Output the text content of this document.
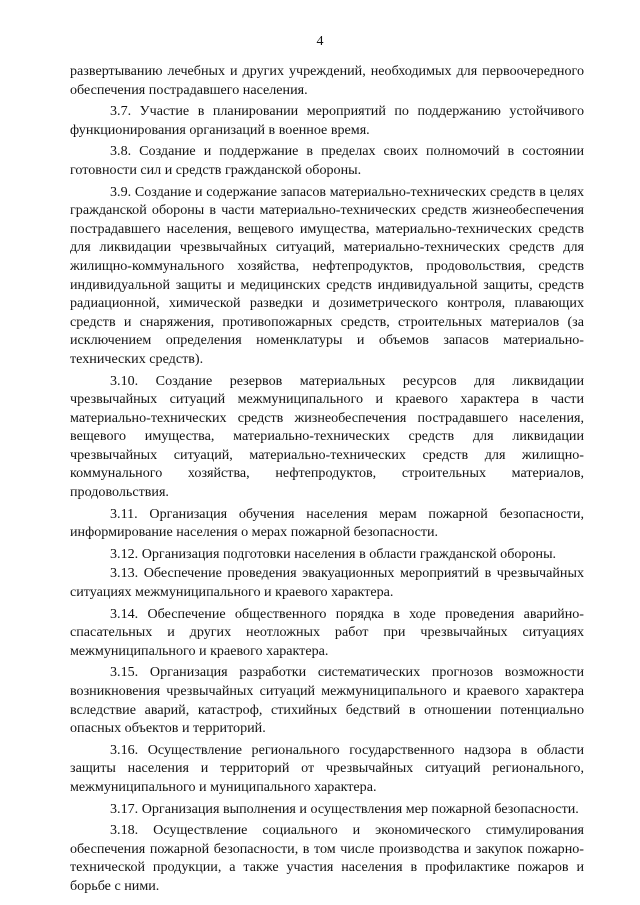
4

развертыванию лечебных и других учреждений, необходимых для первоочередного обеспечения пострадавшего населения.

3.7. Участие в планировании мероприятий по поддержанию устойчивого функционирования организаций в военное время.

3.8. Создание и поддержание в пределах своих полномочий в состоянии готовности сил и средств гражданской обороны.

3.9. Создание и содержание запасов материально-технических средств в целях гражданской обороны в части материально-технических средств жизнеобеспечения пострадавшего населения, вещевого имущества, материально-технических средств для ликвидации чрезвычайных ситуаций, материально-технических средств для жилищно-коммунального хозяйства, нефтепродуктов, продовольствия, средств индивидуальной защиты и медицинских средств индивидуальной защиты, средств радиационной, химической разведки и дозиметрического контроля, плавающих средств и снаряжения, противопожарных средств, строительных материалов (за исключением определения номенклатуры и объемов запасов материально-технических средств).

3.10. Создание резервов материальных ресурсов для ликвидации чрезвычайных ситуаций межмуниципального и краевого характера в части материально-технических средств жизнеобеспечения пострадавшего населения, вещевого имущества, материально-технических средств для ликвидации чрезвычайных ситуаций, материально-технических средств для жилищно-коммунального хозяйства, нефтепродуктов, строительных материалов, продовольствия.

3.11. Организация обучения населения мерам пожарной безопасности, информирование населения о мерах пожарной безопасности.

3.12. Организация подготовки населения в области гражданской обороны.

3.13. Обеспечение проведения эвакуационных мероприятий в чрезвычайных ситуациях межмуниципального и краевого характера.

3.14. Обеспечение общественного порядка в ходе проведения аварийно-спасательных и других неотложных работ при чрезвычайных ситуациях межмуниципального и краевого характера.

3.15. Организация разработки систематических прогнозов возможности возникновения чрезвычайных ситуаций межмуниципального и краевого характера вследствие аварий, катастроф, стихийных бедствий в отношении потенциально опасных объектов и территорий.

3.16. Осуществление регионального государственного надзора в области защиты населения и территорий от чрезвычайных ситуаций регионального, межмуниципального и муниципального характера.

3.17. Организация выполнения и осуществления мер пожарной безопасности.

3.18. Осуществление социального и экономического стимулирования обеспечения пожарной безопасности, в том числе производства и закупок пожарно-технической продукции, а также участия населения в профилактике пожаров и борьбе с ними.
